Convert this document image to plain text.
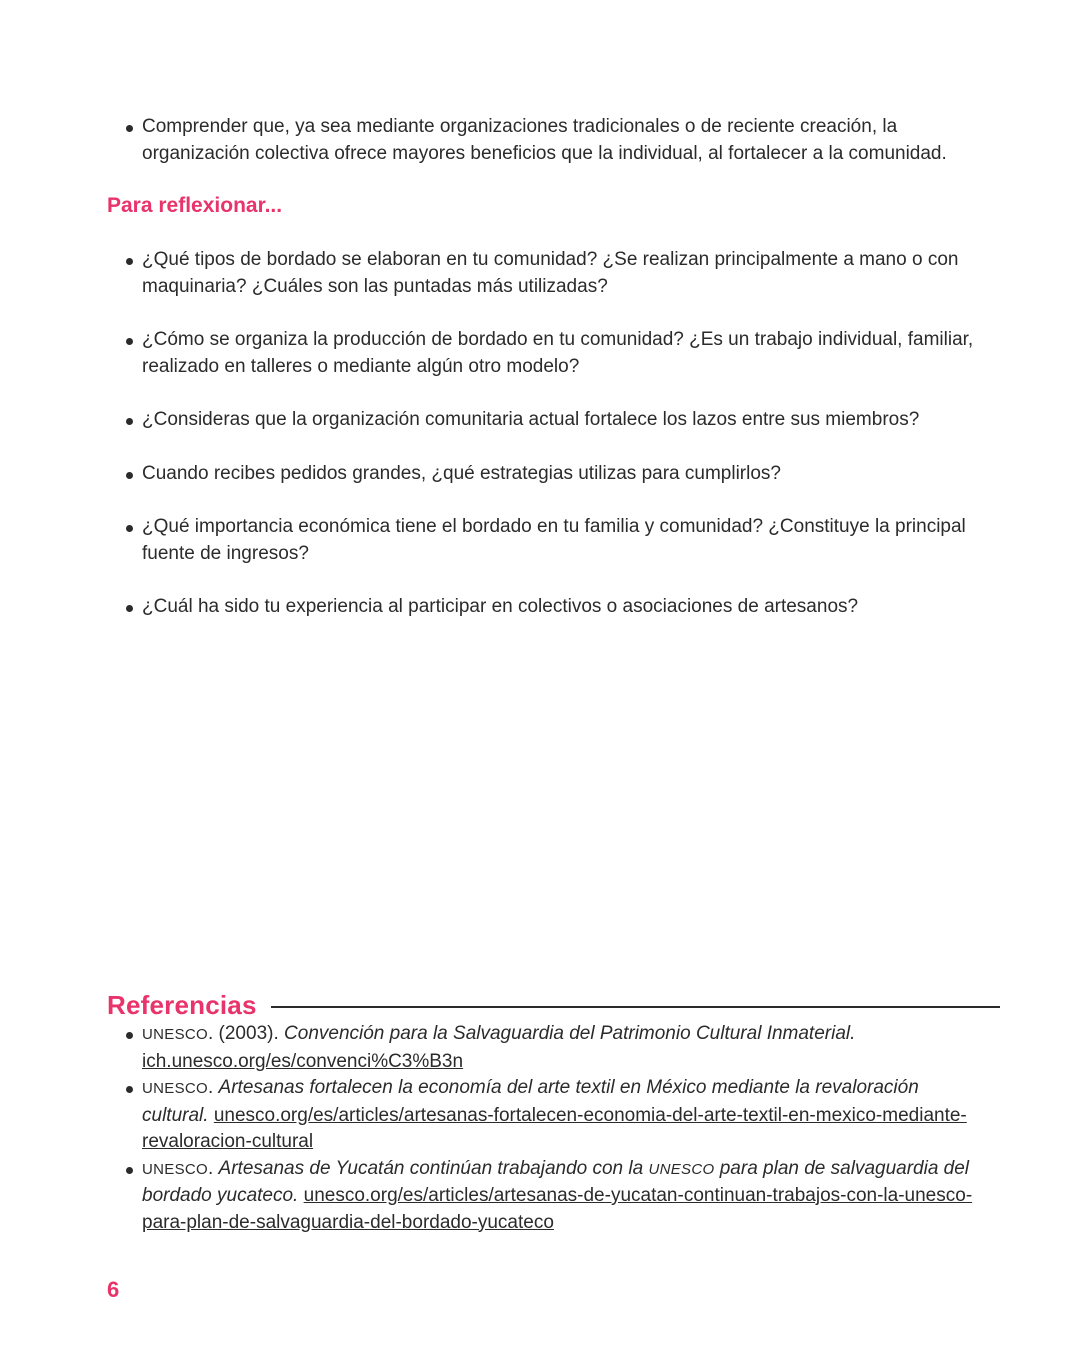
Comprender que, ya sea mediante organizaciones tradicionales o de reciente creación, la organización colectiva ofrece mayores beneficios que la individual, al fortalecer a la comunidad.
Para reflexionar...
¿Qué tipos de bordado se elaboran en tu comunidad? ¿Se realizan principalmente a mano o con maquinaria? ¿Cuáles son las puntadas más utilizadas?
¿Cómo se organiza la producción de bordado en tu comunidad? ¿Es un trabajo individual, familiar, realizado en talleres o mediante algún otro modelo?
¿Consideras que la organización comunitaria actual fortalece los lazos entre sus miembros?
Cuando recibes pedidos grandes, ¿qué estrategias utilizas para cumplirlos?
¿Qué importancia económica tiene el bordado en tu familia y comunidad? ¿Constituye la principal fuente de ingresos?
¿Cuál ha sido tu experiencia al participar en colectivos o asociaciones de artesanos?
Referencias
UNESCO. (2003). Convención para la Salvaguardia del Patrimonio Cultural Inmaterial. ich.unesco.org/es/convenci%C3%B3n
UNESCO. Artesanas fortalecen la economía del arte textil en México mediante la revaloración cultural. unesco.org/es/articles/artesanas-fortalecen-economia-del-arte-textil-en-mexico-mediante-revaloracion-cultural
UNESCO. Artesanas de Yucatán continúan trabajando con la UNESCO para plan de salvaguardia del bordado yucateco. unesco.org/es/articles/artesanas-de-yucatan-continuan-trabajos-con-la-unesco-para-plan-de-salvaguardia-del-bordado-yucateco
6
